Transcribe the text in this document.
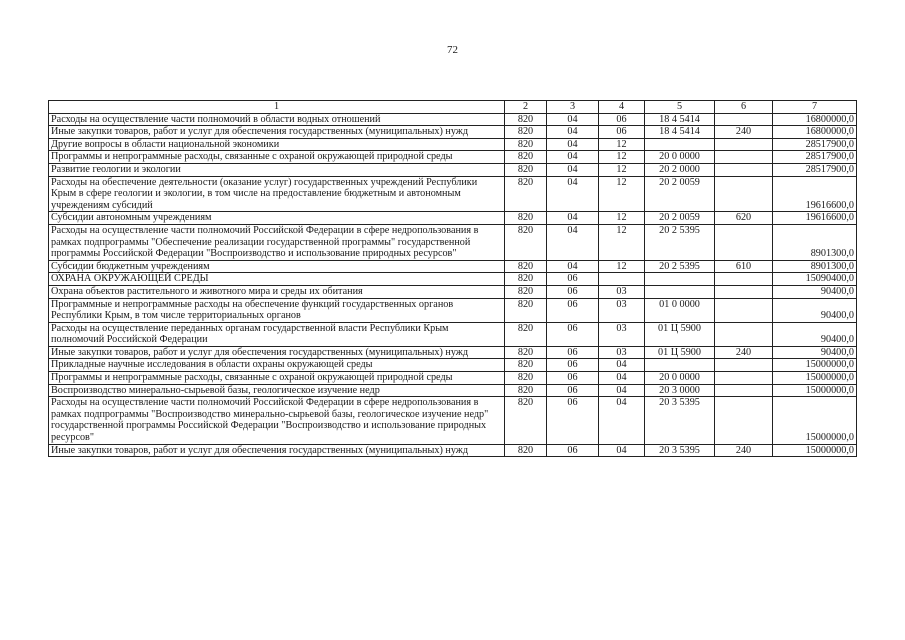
72
1	2	3	4	5	6	7
Расходы на осуществление части полномочий в области водных отношений	820	04	06	18 4 5414		16800000,0
Иные закупки товаров, работ и услуг для обеспечения государственных (муниципальных) нужд	820	04	06	18 4 5414	240	16800000,0
Другие вопросы в области национальной экономики	820	04	12			28517900,0
Программы и непрограммные расходы, связанные с охраной окружающей природной среды	820	04	12	20 0 0000		28517900,0
Развитие геологии и экологии	820	04	12	20 2 0000		28517900,0
Расходы на обеспечение деятельности (оказание услуг) государственных учреждений Республики Крым в сфере геологии и экологии, в том числе на предоставление бюджетным и автономным учреждениям субсидий	820	04	12	20 2 0059		19616600,0
Субсидии автономным учреждениям	820	04	12	20 2 0059	620	19616600,0
Расходы на осуществление части полномочий Российской Федерации в сфере недропользования в рамках подпрограммы "Обеспечение реализации государственной программы" государственной программы Российской Федерации "Воспроизводство и использование природных ресурсов"	820	04	12	20 2 5395		8901300,0
Субсидии бюджетным учреждениям	820	04	12	20 2 5395	610	8901300,0
ОХРАНА ОКРУЖАЮЩЕЙ СРЕДЫ	820	06				15090400,0
Охрана объектов растительного и животного мира и среды их обитания	820	06	03			90400,0
Программные и непрограммные расходы на обеспечение функций государственных органов Республики Крым, в том числе территориальных органов	820	06	03	01 0 0000		90400,0
Расходы на осуществление переданных органам государственной власти Республики Крым полномочий Российской Федерации	820	06	03	01 Ц 5900		90400,0
Иные закупки товаров, работ и услуг для обеспечения государственных (муниципальных) нужд	820	06	03	01 Ц 5900	240	90400,0
Прикладные научные исследования в области охраны окружающей среды	820	06	04			15000000,0
Программы и непрограммные расходы, связанные с охраной окружающей природной среды	820	06	04	20 0 0000		15000000,0
Воспроизводство минерально-сырьевой базы, геологическое изучение недр	820	06	04	20 3 0000		15000000,0
Расходы на осуществление части полномочий Российской Федерации в сфере недропользования в рамках подпрограммы "Воспроизводство минерально-сырьевой базы, геологическое изучение недр" государственной программы Российской Федерации "Воспроизводство и использование природных ресурсов"	820	06	04	20 3 5395		15000000,0
Иные закупки товаров, работ и услуг для обеспечения государственных (муниципальных) нужд	820	06	04	20 3 5395	240	15000000,0
